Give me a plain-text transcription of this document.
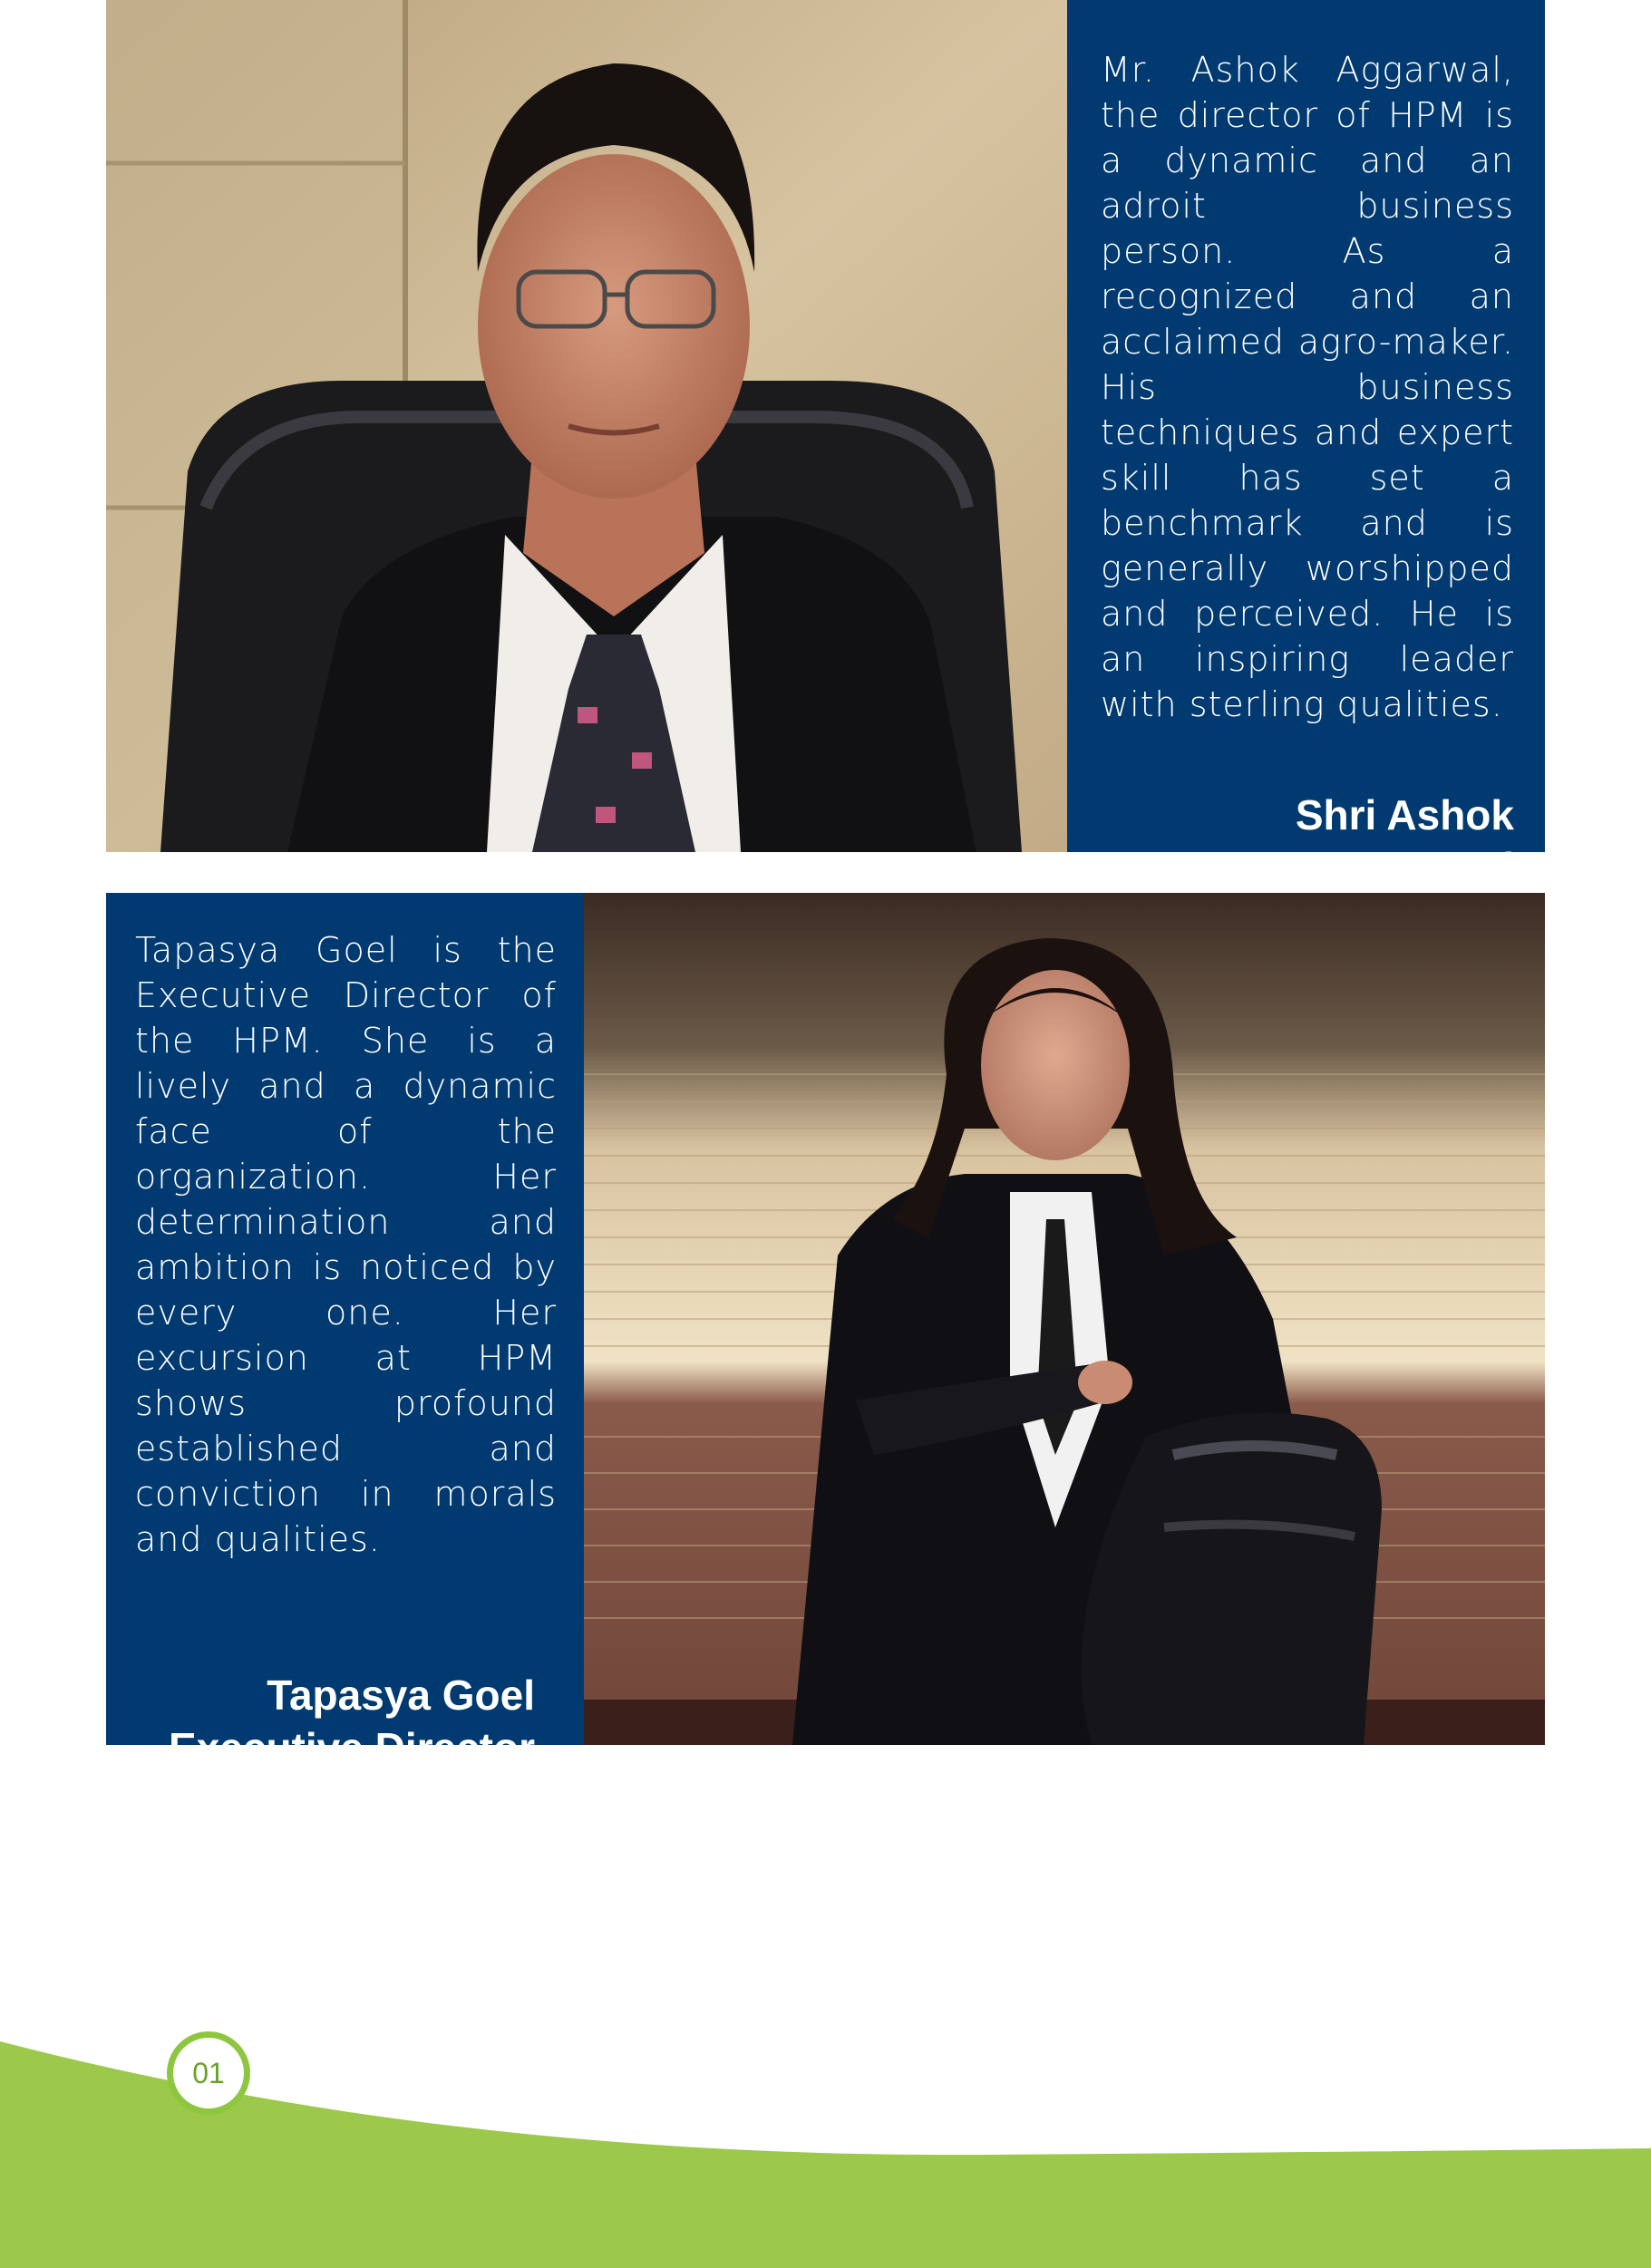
Mr. Ashok Aggarwal, the director of HPM is a dynamic and an adroit business person. As a recognized and an acclaimed agro-maker. His business techniques and expert skill has set a benchmark and is generally worshipped and perceived. He is an inspiring leader with sterling qualities.
Shri Ashok Aggarwal
Tapasya Goel is the Executive Director of the HPM. She is a lively and a dynamic face of the organization. Her determination and ambition is noticed by every one. Her excursion at HPM shows profound established and conviction in morals and qualities.
Tapasya Goel
Executive Director
01
